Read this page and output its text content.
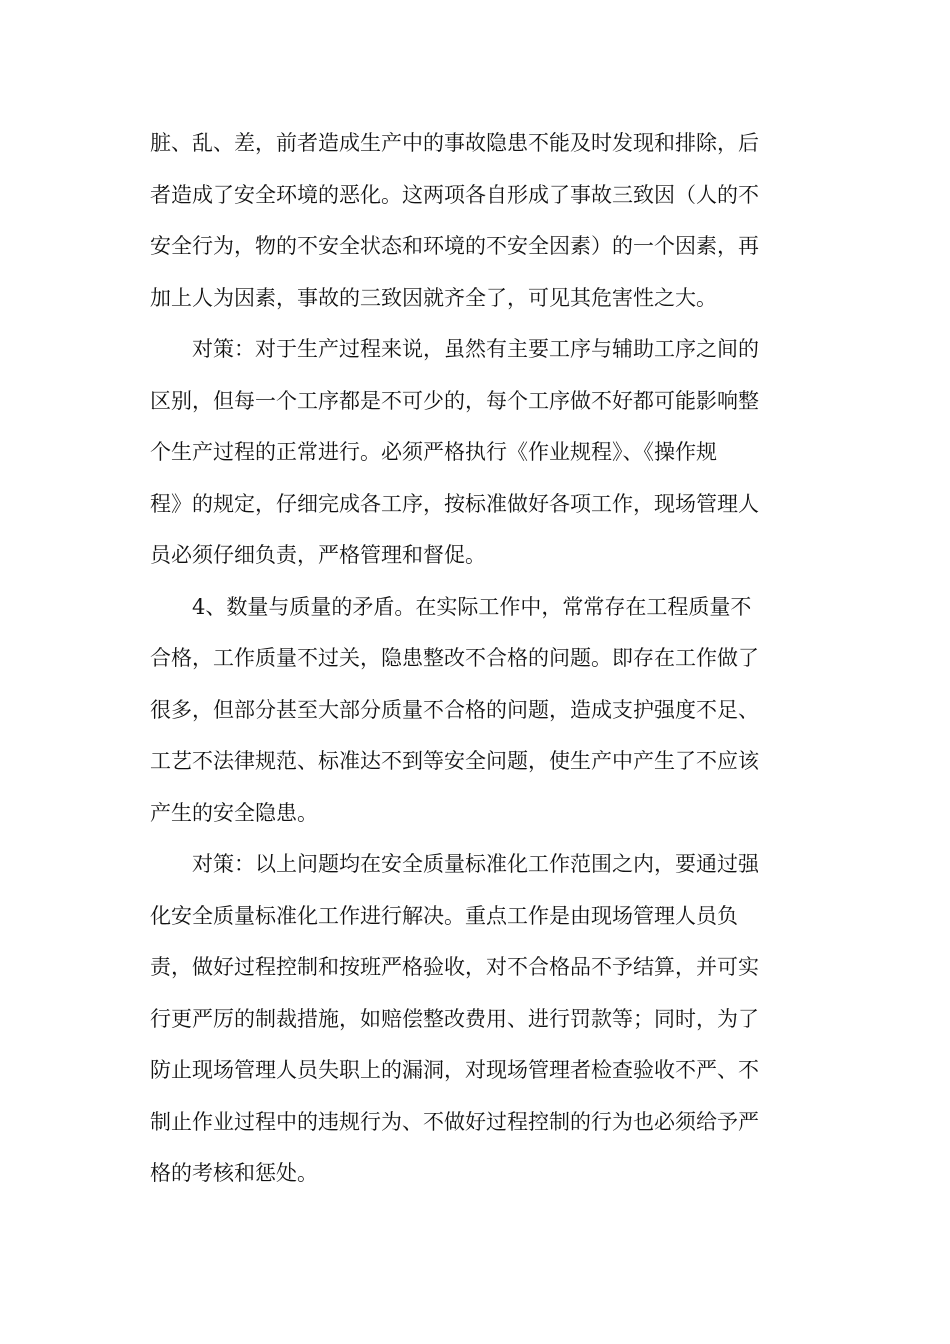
脏、乱、差，前者造成生产中的事故隐患不能及时发现和排除，后
者造成了安全环境的恶化。这两项各自形成了事故三致因（人的不
安全行为，物的不安全状态和环境的不安全因素）的一个因素，再
加上人为因素，事故的三致因就齐全了，可见其危害性之大。
对策：对于生产过程来说，虽然有主要工序与辅助工序之间的
区别，但每一个工序都是不可少的，每个工序做不好都可能影响整
个生产过程的正常进行。必须严格执行《作业规程》、《操作规
程》的规定，仔细完成各工序，按标准做好各项工作，现场管理人
员必须仔细负责，严格管理和督促。
4、数量与质量的矛盾。在实际工作中，常常存在工程质量不
合格，工作质量不过关，隐患整改不合格的问题。即存在工作做了
很多，但部分甚至大部分质量不合格的问题，造成支护强度不足、
工艺不法律规范、标准达不到等安全问题，使生产中产生了不应该
产生的安全隐患。
对策：以上问题均在安全质量标准化工作范围之内，要通过强
化安全质量标准化工作进行解决。重点工作是由现场管理人员负
责，做好过程控制和按班严格验收，对不合格品不予结算，并可实
行更严厉的制裁措施，如赔偿整改费用、进行罚款等；同时，为了
防止现场管理人员失职上的漏洞，对现场管理者检查验收不严、不
制止作业过程中的违规行为、不做好过程控制的行为也必须给予严
格的考核和惩处。
